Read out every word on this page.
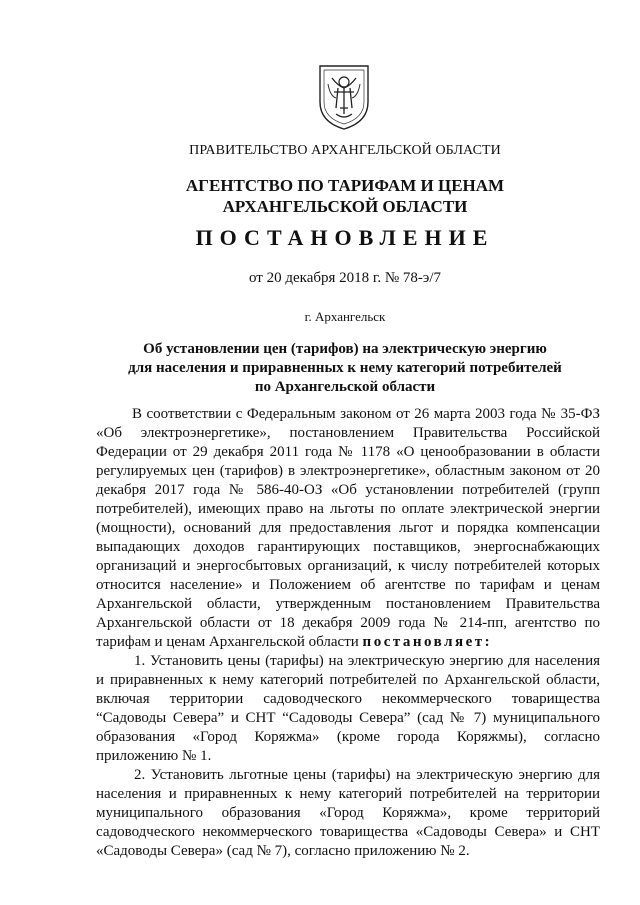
ПРАВИТЕЛЬСТВО АРХАНГЕЛЬСКОЙ ОБЛАСТИ
АГЕНТСТВО ПО ТАРИФАМ И ЦЕНАМ
АРХАНГЕЛЬСКОЙ ОБЛАСТИ
ПОСТАНОВЛЕНИЕ
от 20 декабря 2018 г. № 78-э/7
г. Архангельск
Об установлении цен (тарифов) на электрическую энергию
для населения и приравненных к нему категорий потребителей
по Архангельской области

В соответствии с Федеральным законом от 26 марта 2003 года № 35-ФЗ «Об электроэнергетике», постановлением Правительства Российской Федерации от 29 декабря 2011 года № 1178 «О ценообразовании в области регулируемых цен (тарифов) в электроэнергетике», областным законом от 20 декабря 2017 года № 586-40-ОЗ «Об установлении потребителей (групп потребителей), имеющих право на льготы по оплате электрической энергии (мощности), оснований для предоставления льгот и порядка компенсации выпадающих доходов гарантирующих поставщиков, энергоснабжающих организаций и энергосбытовых организаций, к числу потребителей которых относится население» и Положением об агентстве по тарифам и ценам Архангельской области, утвержденным постановлением Правительства Архангельской области от 18 декабря 2009 года № 214-пп, агентство по тарифам и ценам Архангельской области постановляет:

1. Установить цены (тарифы) на электрическую энергию для населения и приравненных к нему категорий потребителей по Архангельской области, включая территории садоводческого некоммерческого товарищества “Садоводы Севера” и СНТ “Садоводы Севера” (сад № 7) муниципального образования «Город Коряжма» (кроме города Коряжмы), согласно приложению № 1.

2. Установить льготные цены (тарифы) на электрическую энергию для населения и приравненных к нему категорий потребителей на территории муниципального образования «Город Коряжма», кроме территорий садоводческого некоммерческого товарищества «Садоводы Севера» и СНТ «Садоводы Севера» (сад № 7), согласно приложению № 2.
